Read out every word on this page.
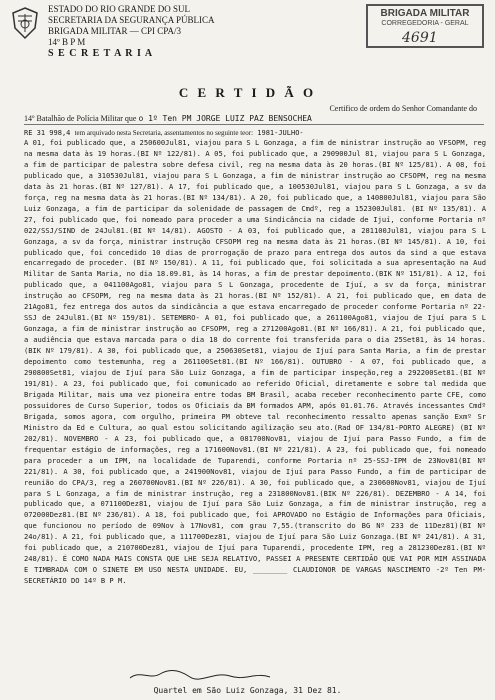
ESTADO DO RIO GRANDE DO SUL
SECRETARIA DA SEGURANÇA PÚBLICA
BRIGADA MILITAR — CPI CPA/3
14º B P M
S E C R E T A R I A
BRIGADA MILITAR
CORREGEDORIA - GERAL
4691
C E R T I D Ã O
Certifico de ordem do Senhor Comandante do
14º Batalhão de Polícia Militar que o 1º Ten PM JORGE LUIZ PAZ BENSOCHEA
RE 31 998,4 tem arquivado nesta Secretaria, assentamentos no seguinte teor: 1981-JULHO-
A 01, foi publicado que, a 250600Jul81, viajou para S L Gonzaga, a fim de ministrar instrução ao VFSOPM, reg na mesma data às 19 horas.(BI Nº 122/81). A 05, foi publicado que, a 290900Jul 81, viajou para S L Gonzaga, a fim de participar de palestra sobre defesa civil, reg na mesma data às 20 horas.(BI Nº 125/81). A 08, foi publicado que, a 310530Jul81, viajou para S L Gonzaga, a fim de ministrar instrução ao CFSOPM, reg na mesma data às 21 horas.(BI Nº 127/81). A 17, foi publicado que, a 100530Jul81, viajou para S L Gonzaga, a sv da força, reg na mesma data às 21 horas.(BI Nº 134/81). A 20, foi publicado que, a 140800Jul81, viajou para São Luiz Gonzaga, a fim de participar da solenidade de passagem de Cmdº, reg a 152300Jul81. (BI Nº 135/81). A 27, foi publicado que, foi nomeado para proceder a uma Sindicância na cidade de Ijuí, conforme Portaria nº 022/SSJ/SIND de 24Jul81.(BI Nº 14/81). AGOSTO - A 03, foi publicado que, a 281100Jul81, viajou para S L Gonzaga, a sv da força, ministrar instrução CFSOPM reg na mesma data às 21 horas.(BI Nº 145/81). A 10, foi publicado que, foi concedido 10 dias de prorrogação de prazo para entrega dos autos da sind a que estava encarregado de proceder. (BI Nº 150/81). A 11, foi publicado que, foi solicitada a sua apresentação na Aud Militar de Santa Maria, no dia 18.09.81, às 14 horas, a fim de prestar depoimento.(BIK Nº 151/81). A 12, foi publicado que, a 041100Ago81, viajou para S L Gonzaga, procedente de Ijuí, a sv da força, ministrar instrução ao CFSOPM, reg na mesma data às 21 horas.(BI Nº 152/81). A 21, foi publicado que, em data de 21Ago81, fez entrega dos autos da sindicância a que estava encarregado de proceder conforme Portaria nº 22-SSJ de 24Jul81.(BI Nº 159/81). SETEMBRO- A 01, foi publicado que, a 261100Ago81, viajou de Ijuí para S L Gonzaga, a fim de ministrar instrução ao CFSOPM, reg a 271200Ago81.(BI Nº 166/81). A 21, foi publicado que, a audiência que estava marcada para o dia 18 do corrente foi transferida para o dia 25Set81, às 14 horas.(BIK Nº 179/81). A 30, foi publicado que, a 250630Set81, viajou de Ijuí para Santa Maria, a fim de prestar depoimento como testemunha, reg a 261100Set81.(BI Nº 166/81). OUTUBRO - A 07, foi publicado que, a 290800Set81, viajou de Ijuí para São Luiz Gonzaga, a fim de participar inspeção,reg a 292200Set81.(BI Nº 191/81). A 23, foi publicado que, foi comunicado ao referido Oficial, diretamente e sobre tal medida que Brigada Militar, mais uma vez pioneira entre todas BM Brasil, acaba receber reconhecimento parte CFE, como possuidores de Curso Superior, todos os Oficiais da BM formados APM, após 01.01.76. Através incessantes Cmdº Brigada, somos agora, com orgulho, primeira PM obteve tal reconhecimento ressalto apenas sanção Exmº Sr Ministro da Ed e Cultura, ao qual estou solicitando agilização seu ato.(Rad OF 134/81-PORTO ALEGRE) (BI Nº 202/81). NOVEMBRO - A 23, foi publicado que, a 081700Nov81, viajou de Ijuí para Passo Fundo, a fim de frequentar estágio de informações, reg a 171600Nov81.(BI Nº 221/81). A 23, foi publicado que, foi nomeado para proceder a um IPM, na localidade de Tuparendi, conforme Portaria nº 25-SSJ-IPM de 23Nov81(BI Nº 221/81). A 30, foi publicado que, a 241900Nov81, viajou de Ijuí para Passo Fundo, a fim de participar de reunião do CPA/3, reg a 260700Nov81.(BI Nº 226/81). A 30, foi publicado que, a 230600Nov81, viajou de Ijuí para S L Gonzaga, a fim de ministrar instrução, reg a 231800Nov81.(BIK Nº 226/81). DEZEMBRO - A 14, foi publicado que, a 071100Dez81, viajou de Ijuí para São Luiz Gonzaga, a fim de ministrar instrução, reg a 072000Dez81.(BI Nº 236/81). A 18, foi publicado que, foi APROVADO no Estágio de Informações para Oficiais, que funcionou no período de 09Nov à 17Nov81, com grau 7,55.(transcrito do BG Nº 233 de 11Dez81)(BI Nº 24o/81). A 21, foi publicado que, a 111700Dez81, viajou de Ijuí para São Luiz Gonzaga.(BI Nº 241/81). A 31, foi publicado que, a 210700Dez81, viajou de Ijuí para Tuparendi, procedente IPM, reg a 281230Dez81.(BI Nº 248/81). É COMO NADA MAIS CONSTA QUE LHE SEJA RELATIVO, PASSEI A PRESENTE CERTIDÃO QUE VAI POR MIM ASSINADA E TIMBRADA COM O SINETE EM USO NESTA UNIDADE. EU, ________ CLAUDIONOR DE VARGAS NASCIMENTO -2º Ten PM-SECRETÁRIO DO 14º B P M.
Quartel em São Luiz Gonzaga, 31 Dez 81.
